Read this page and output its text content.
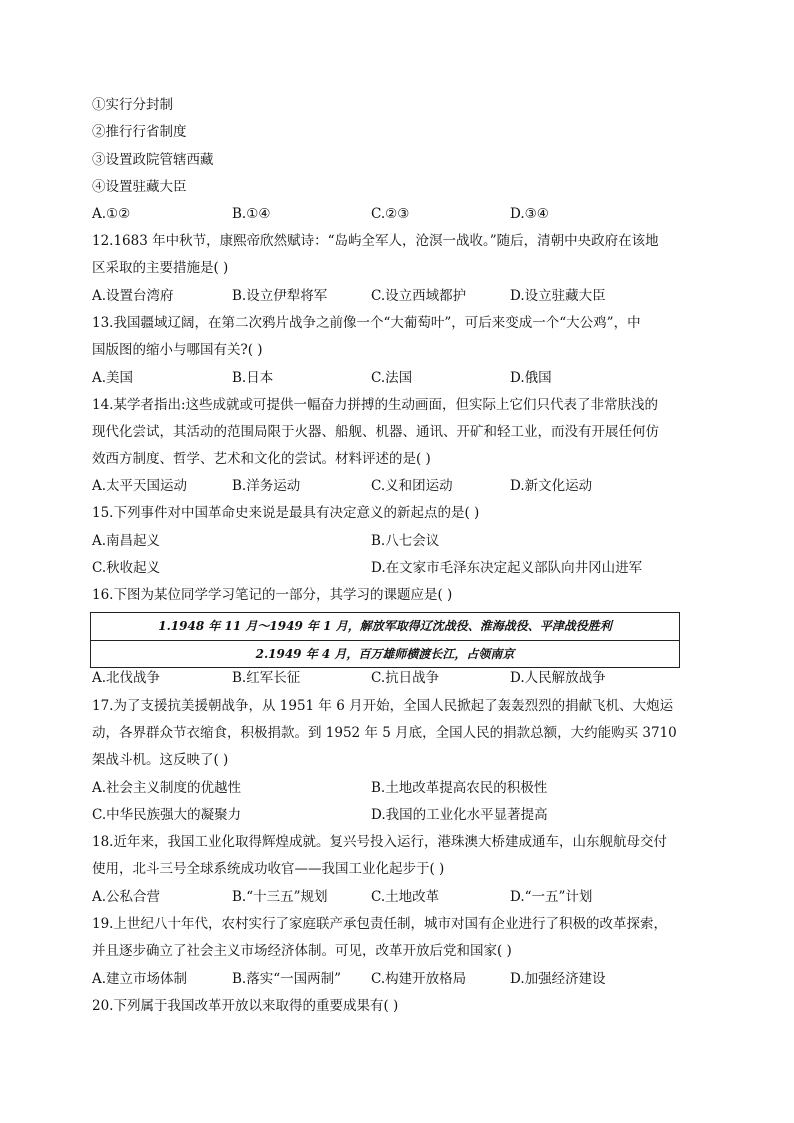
①实行分封制
②推行行省制度
③设置政院管辖西藏
④设置驻藏大臣
A.①②	B.①④	C.②③	D.③④
12.1683 年中秋节，康熙帝欣然赋诗：“岛屿全军人，沧溟一战收。”随后，清朝中央政府在该地
区采取的主要措施是( )
A.设置台湾府	B.设立伊犁将军	C.设立西域都护	D.设立驻藏大臣
13.我国疆域辽阔，在第二次鸦片战争之前像一个“大葡萄叶”，可后来变成一个“大公鸡”，中
国版图的缩小与哪国有关?( )
A.美国	B.日本	C.法国	D.俄国
14.某学者指出:这些成就或可提供一幅奋力拼搏的生动画面，但实际上它们只代表了非常肤浅的
现代化尝试，其活动的范围局限于火器、船舰、机器、通讯、开矿和轻工业，而没有开展任何仿
效西方制度、哲学、艺术和文化的尝试。材料评述的是( )
A.太平天国运动	B.洋务运动	C.义和团运动	D.新文化运动
15.下列事件对中国革命史来说是最具有决定意义的新起点的是( )
A.南昌起义	B.八七会议
C.秋收起义	D.在文家市毛泽东决定起义部队向井冈山进军
16.下图为某位同学学习笔记的一部分，其学习的课题应是( )
1.1948 年 11 月～1949 年 1 月，解放军取得辽沈战役、淮海战役、平津战役胜利
2.1949 年 4 月，百万雄师横渡长江，占领南京
A.北伐战争	B.红军长征	C.抗日战争	D.人民解放战争
17.为了支援抗美援朝战争，从 1951 年 6 月开始，全国人民掀起了轰轰烈烈的捐献飞机、大炮运
动，各界群众节衣缩食，积极捐款。到 1952 年 5 月底，全国人民的捐款总额，大约能购买 3710
架战斗机。这反映了( )
A.社会主义制度的优越性	B.土地改革提高农民的积极性
C.中华民族强大的凝聚力	D.我国的工业化水平显著提高
18.近年来，我国工业化取得辉煌成就。复兴号投入运行，港珠澳大桥建成通车，山东舰航母交付
使用，北斗三号全球系统成功收官——我国工业化起步于( )
A.公私合营	B.“十三五”规划	C.土地改革	D.“一五”计划
19.上世纪八十年代，农村实行了家庭联产承包责任制，城市对国有企业进行了积极的改革探索，
并且逐步确立了社会主义市场经济体制。可见，改革开放后党和国家( )
A.建立市场体制	B.落实“一国两制” C.构建开放格局	D.加强经济建设
20.下列属于我国改革开放以来取得的重要成果有( )
